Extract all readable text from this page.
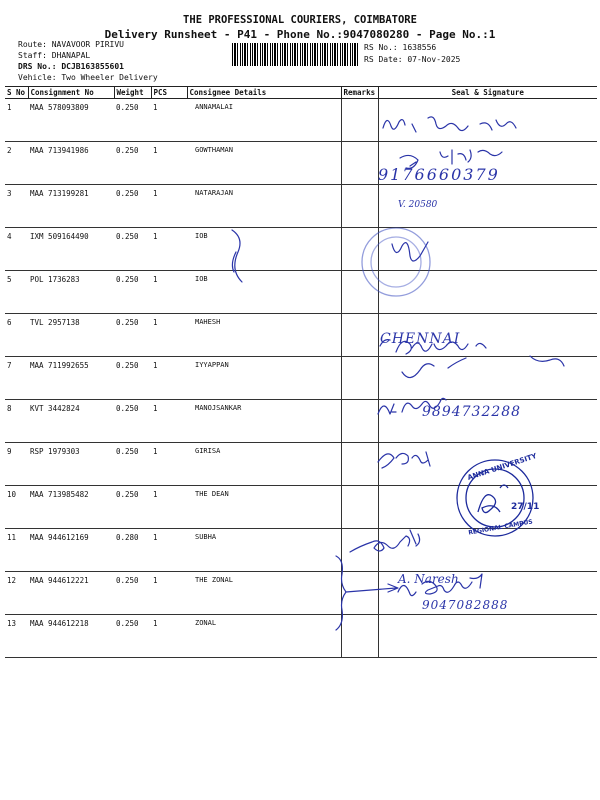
THE PROFESSIONAL COURIERS, COIMBATORE
Delivery Runsheet - P41 - Phone No.:9047080280 - Page No.:1
Route: NAVAVOOR PIRIVU
Staff: DHANAPAL
DRS No.: DCJB163855601
Vehicle: Two Wheeler Delivery
RS No.: 1638556
RS Date: 07-Nov-2025
S No	Consignment No	Weight	PCS	Consignee Details	Remarks	Seal & Signature
1	MAA 578093809	0.250	1	ANNAMALAI		
2	MAA 713941986	0.250	1	GOWTHAMAN		
3	MAA 713199281	0.250	1	NATARAJAN		
4	IXM 509164490	0.250	1	IOB		
5	POL 1736283	0.250	1	IOB		
6	TVL 2957138	0.250	1	MAHESH		
7	MAA 711992655	0.250	1	IYYAPPAN		
8	KVT 3442824	0.250	1	MANOJSANKAR		
9	RSP 1979303	0.250	1	GIRISA		
10	MAA 713985482	0.250	1	THE DEAN		
11	MAA 944612169	0.280	1	SUBHA		
12	MAA 944612221	0.250	1	THE ZONAL		
13	MAA 944612218	0.250	1	ZONAL		
9176660379
V. 20580
CHENNAI
9894732288
A. Naresh
9047082888
ANNA UNIVERSITY
REGIONAL CAMPUS
27/11
